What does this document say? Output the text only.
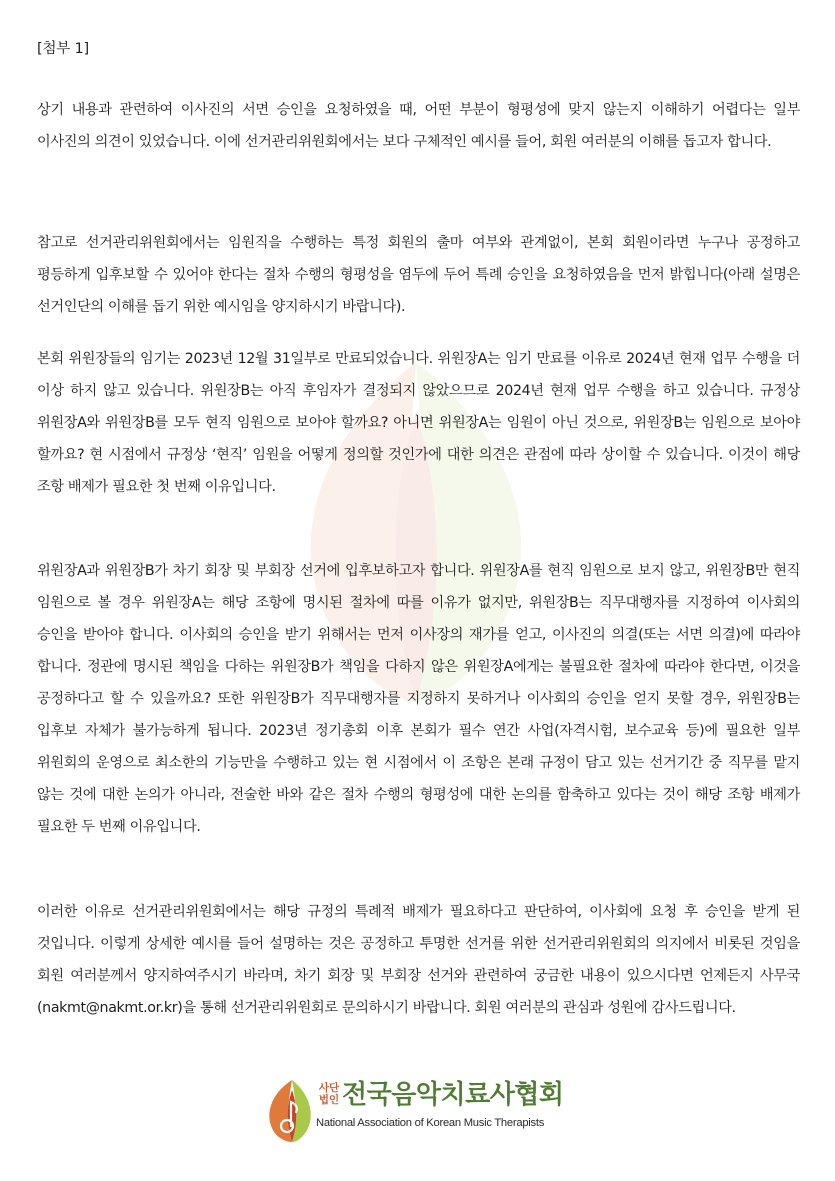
[첨부 1]

상기 내용과 관련하여 이사진의 서면 승인을 요청하였을 때, 어떤 부분이 형평성에 맞지 않는지 이해하기 어렵다는 일부 이사진의 의견이 있었습니다. 이에 선거관리위원회에서는 보다 구체적인 예시를 들어, 회원 여러분의 이해를 돕고자 합니다.

참고로 선거관리위원회에서는 임원직을 수행하는 특정 회원의 출마 여부와 관계없이, 본회 회원이라면 누구나 공정하고 평등하게 입후보할 수 있어야 한다는 절차 수행의 형평성을 염두에 두어 특례 승인을 요청하였음을 먼저 밝힙니다(아래 설명은 선거인단의 이해를 돕기 위한 예시임을 양지하시기 바랍니다).

본회 위원장들의 임기는 2023년 12월 31일부로 만료되었습니다. 위원장A는 임기 만료를 이유로 2024년 현재 업무 수행을 더 이상 하지 않고 있습니다. 위원장B는 아직 후임자가 결정되지 않았으므로 2024년 현재 업무 수행을 하고 있습니다. 규정상 위원장A와 위원장B를 모두 현직 임원으로 보아야 할까요? 아니면 위원장A는 임원이 아닌 것으로, 위원장B는 임원으로 보아야 할까요? 현 시점에서 규정상 ‘현직’ 임원을 어떻게 정의할 것인가에 대한 의견은 관점에 따라 상이할 수 있습니다. 이것이 해당 조항 배제가 필요한 첫 번째 이유입니다.

위원장A과 위원장B가 차기 회장 및 부회장 선거에 입후보하고자 합니다. 위원장A를 현직 임원으로 보지 않고, 위원장B만 현직 임원으로 볼 경우 위원장A는 해당 조항에 명시된 절차에 따를 이유가 없지만, 위원장B는 직무대행자를 지정하여 이사회의 승인을 받아야 합니다. 이사회의 승인을 받기 위해서는 먼저 이사장의 재가를 얻고, 이사진의 의결(또는 서면 의결)에 따라야 합니다. 정관에 명시된 책임을 다하는 위원장B가 책임을 다하지 않은 위원장A에게는 불필요한 절차에 따라야 한다면, 이것을 공정하다고 할 수 있을까요? 또한 위원장B가 직무대행자를 지정하지 못하거나 이사회의 승인을 얻지 못할 경우, 위원장B는 입후보 자체가 불가능하게 됩니다. 2023년 정기총회 이후 본회가 필수 연간 사업(자격시험, 보수교육 등)에 필요한 일부 위원회의 운영으로 최소한의 기능만을 수행하고 있는 현 시점에서 이 조항은 본래 규정이 담고 있는 선거기간 중 직무를 맡지 않는 것에 대한 논의가 아니라, 전술한 바와 같은 절차 수행의 형평성에 대한 논의를 함축하고 있다는 것이 해당 조항 배제가 필요한 두 번째 이유입니다.

이러한 이유로 선거관리위원회에서는 해당 규정의 특례적 배제가 필요하다고 판단하여, 이사회에 요청 후 승인을 받게 된 것입니다. 이렇게 상세한 예시를 들어 설명하는 것은 공정하고 투명한 선거를 위한 선거관리위원회의 의지에서 비롯된 것임을 회원 여러분께서 양지하여주시기 바라며, 차기 회장 및 부회장 선거와 관련하여 궁금한 내용이 있으시다면 언제든지 사무국(nakmt@nakmt.or.kr)을 통해 선거관리위원회로 문의하시기 바랍니다. 회원 여러분의 관심과 성원에 감사드립니다.

사단
법인 전국음악치료사협회
National Association of Korean Music Therapists
